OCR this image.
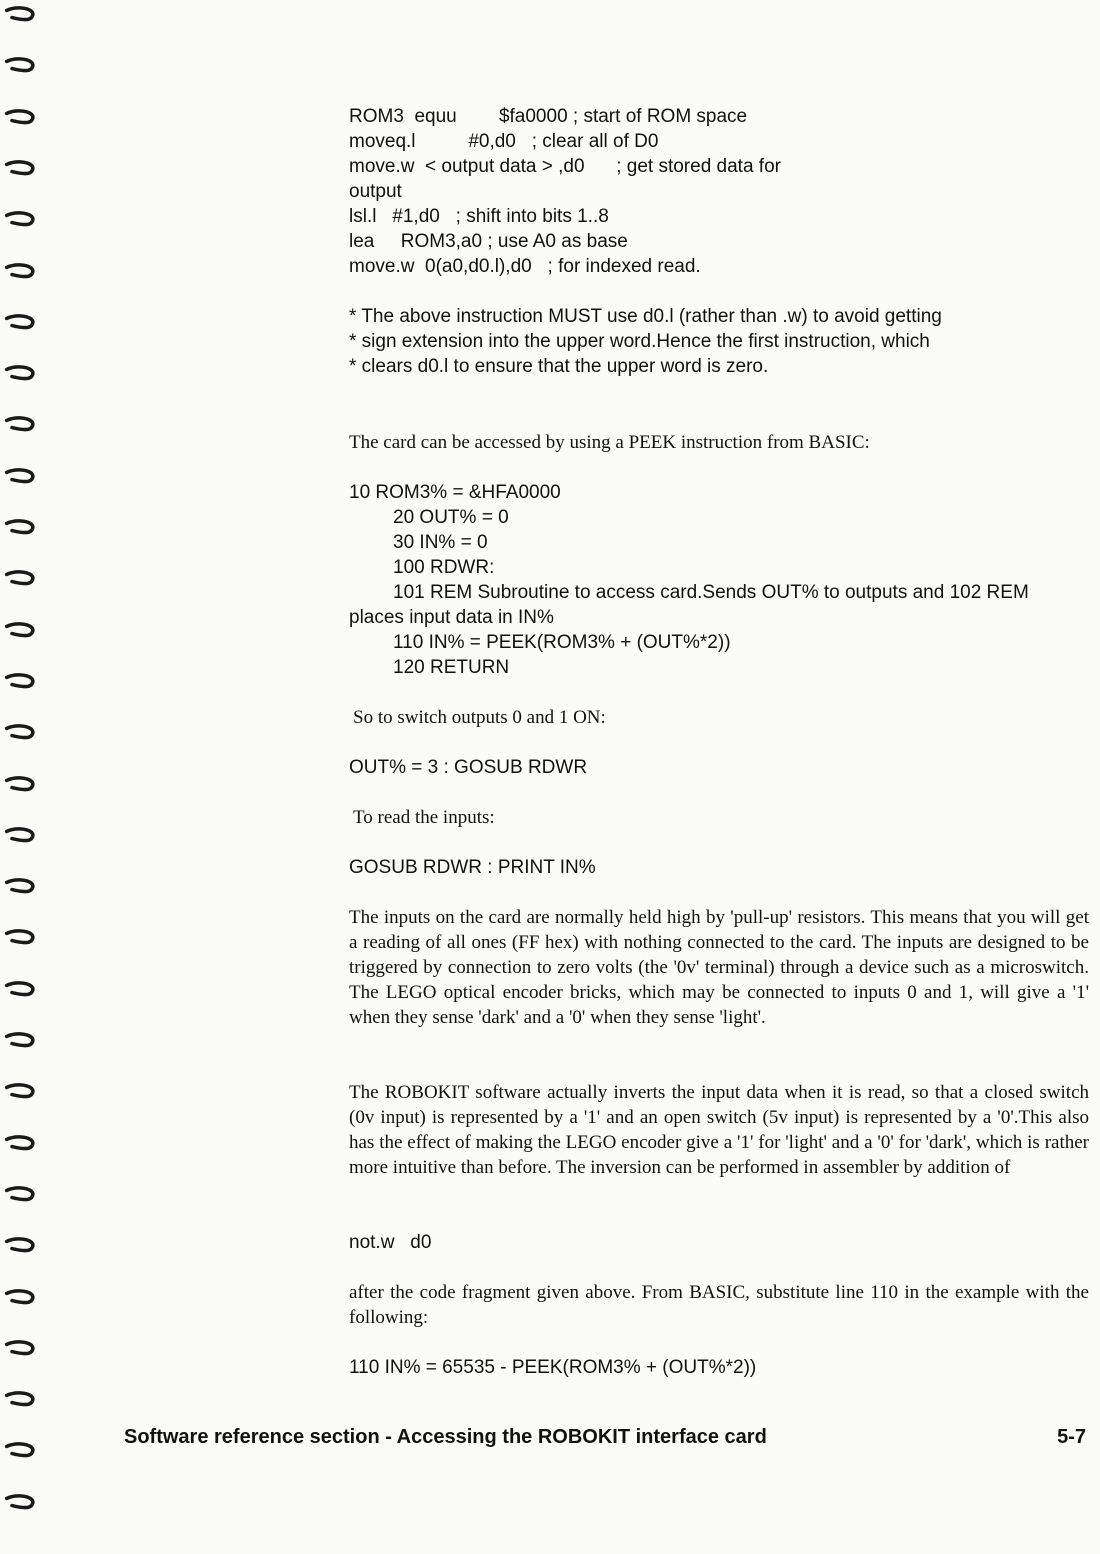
ROM3  equu        $fa0000 ; start of ROM space
moveq.l          #0,d0   ; clear all of D0
move.w  < output data > ,d0      ; get stored data for
output
lsl.l   #1,d0   ; shift into bits 1..8
lea     ROM3,a0 ; use A0 as base
move.w  0(a0,d0.l),d0   ; for indexed read.
* The above instruction MUST use d0.l (rather than .w) to avoid getting
* sign extension into the upper word.Hence the first instruction, which
* clears d0.l to ensure that the upper word is zero.
The card can be accessed by using a PEEK instruction from BASIC:
10 ROM3% = &HFA0000
20 OUT% = 0
30 IN% = 0
100 RDWR:
101 REM Subroutine to access card.Sends OUT% to outputs and 102 REM
places input data in IN%
110 IN% = PEEK(ROM3% + (OUT%*2))
120 RETURN
So to switch outputs 0 and 1 ON:
OUT% = 3 : GOSUB RDWR
To read the inputs:
GOSUB RDWR : PRINT IN%
The inputs on the card are normally held high by 'pull-up' resistors. This means that you will get a reading of all ones (FF hex) with nothing connected to the card. The inputs are designed to be triggered by connection to zero volts (the '0v' terminal) through a device such as a microswitch. The LEGO optical encoder bricks, which may be connected to inputs 0 and 1, will give a '1' when they sense 'dark' and a '0' when they sense 'light'.
The ROBOKIT software actually inverts the input data when it is read, so that a closed switch (0v input) is represented by a '1' and an open switch (5v input) is represented by a '0'.This also has the effect of making the LEGO encoder give a '1' for 'light' and a '0' for 'dark', which is rather more intuitive than before. The inversion can be performed in assembler by addition of
not.w   d0
after the code fragment given above. From BASIC, substitute line 110 in the example with the following:
110 IN% = 65535 - PEEK(ROM3% + (OUT%*2))
Software reference section - Accessing the ROBOKIT interface card	5-7
